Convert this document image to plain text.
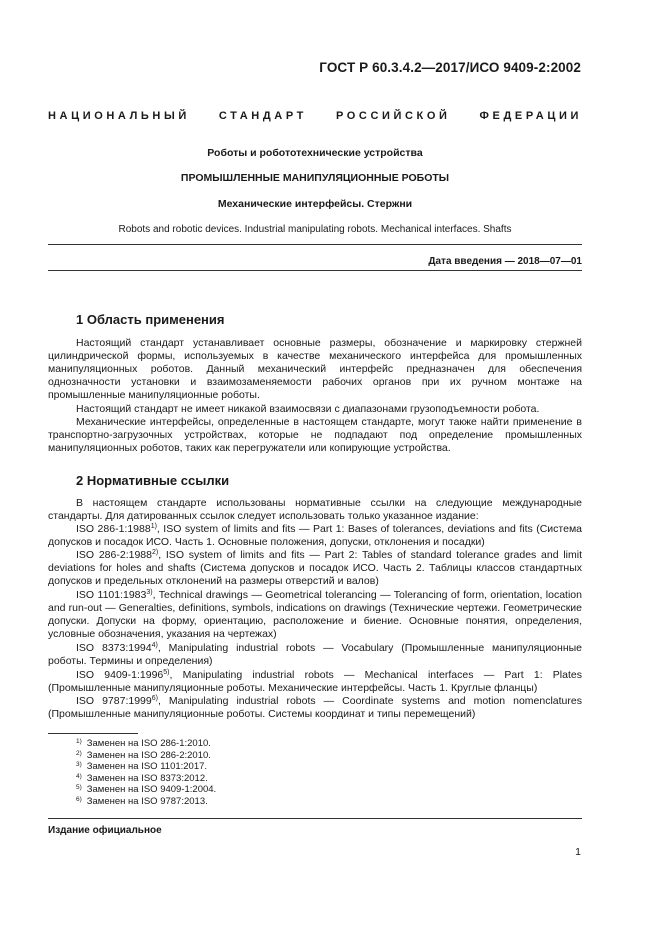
ГОСТ Р 60.3.4.2—2017/ИСО 9409-2:2002
НАЦИОНАЛЬНЫЙ СТАНДАРТ РОССИЙСКОЙ ФЕДЕРАЦИИ
Роботы и робототехнические устройства
ПРОМЫШЛЕННЫЕ МАНИПУЛЯЦИОННЫЕ РОБОТЫ
Механические интерфейсы. Стержни
Robots and robotic devices. Industrial manipulating robots. Mechanical interfaces. Shafts
Дата введения — 2018—07—01
1 Область применения

Настоящий стандарт устанавливает основные размеры, обозначение и маркировку стержней цилиндрической формы, используемых в качестве механического интерфейса для промышленных манипуляционных роботов. Данный механический интерфейс предназначен для обеспечения однозначности установки и взаимозаменяемости рабочих органов при их ручном монтаже на промышленные манипуляционные роботы.

Настоящий стандарт не имеет никакой взаимосвязи с диапазонами грузоподъемности робота.

Механические интерфейсы, определенные в настоящем стандарте, могут также найти применение в транспортно-загрузочных устройствах, которые не подпадают под определение промышленных манипуляционных роботов, таких как перегружатели или копирующие устройства.

2 Нормативные ссылки

В настоящем стандарте использованы нормативные ссылки на следующие международные стандарты. Для датированных ссылок следует использовать только указанное издание:

ISO 286-1:1988$^{1)}$, ISO system of limits and fits — Part 1: Bases of tolerances, deviations and fits (Система допусков и посадок ИСО. Часть 1. Основные положения, допуски, отклонения и посадки)

ISO 286-2:1988$^{2)}$, ISO system of limits and fits — Part 2: Tables of standard tolerance grades and limit deviations for holes and shafts (Система допусков и посадок ИСО. Часть 2. Таблицы классов стандартных допусков и предельных отклонений на размеры отверстий и валов)

ISO 1101:1983$^{3)}$, Technical drawings — Geometrical tolerancing — Tolerancing of form, orientation, location and run-out — Generalties, definitions, symbols, indications on drawings (Технические чертежи. Геометрические допуски. Допуски на форму, ориентацию, расположение и биение. Основные понятия, определения, условные обозначения, указания на чертежах)

ISO 8373:1994$^{4)}$, Manipulating industrial robots — Vocabulary (Промышленные манипуляционные роботы. Термины и определения)

ISO 9409-1:1996$^{5)}$, Manipulating industrial robots — Mechanical interfaces — Part 1: Plates (Промышленные манипуляционные роботы. Механические интерфейсы. Часть 1. Круглые фланцы)

ISO 9787:1999$^{6)}$, Manipulating industrial robots — Coordinate systems and motion nomenclatures (Промышленные манипуляционные роботы. Системы координат и типы перемещений)

$^{1)}$ Заменен на ISO 286-1:2010.
$^{2)}$ Заменен на ISO 286-2:2010.
$^{3)}$ Заменен на ISO 1101:2017.
$^{4)}$ Заменен на ISO 8373:2012.
$^{5)}$ Заменен на ISO 9409-1:2004.
$^{6)}$ Заменен на ISO 9787:2013.
Издание официальное
1
